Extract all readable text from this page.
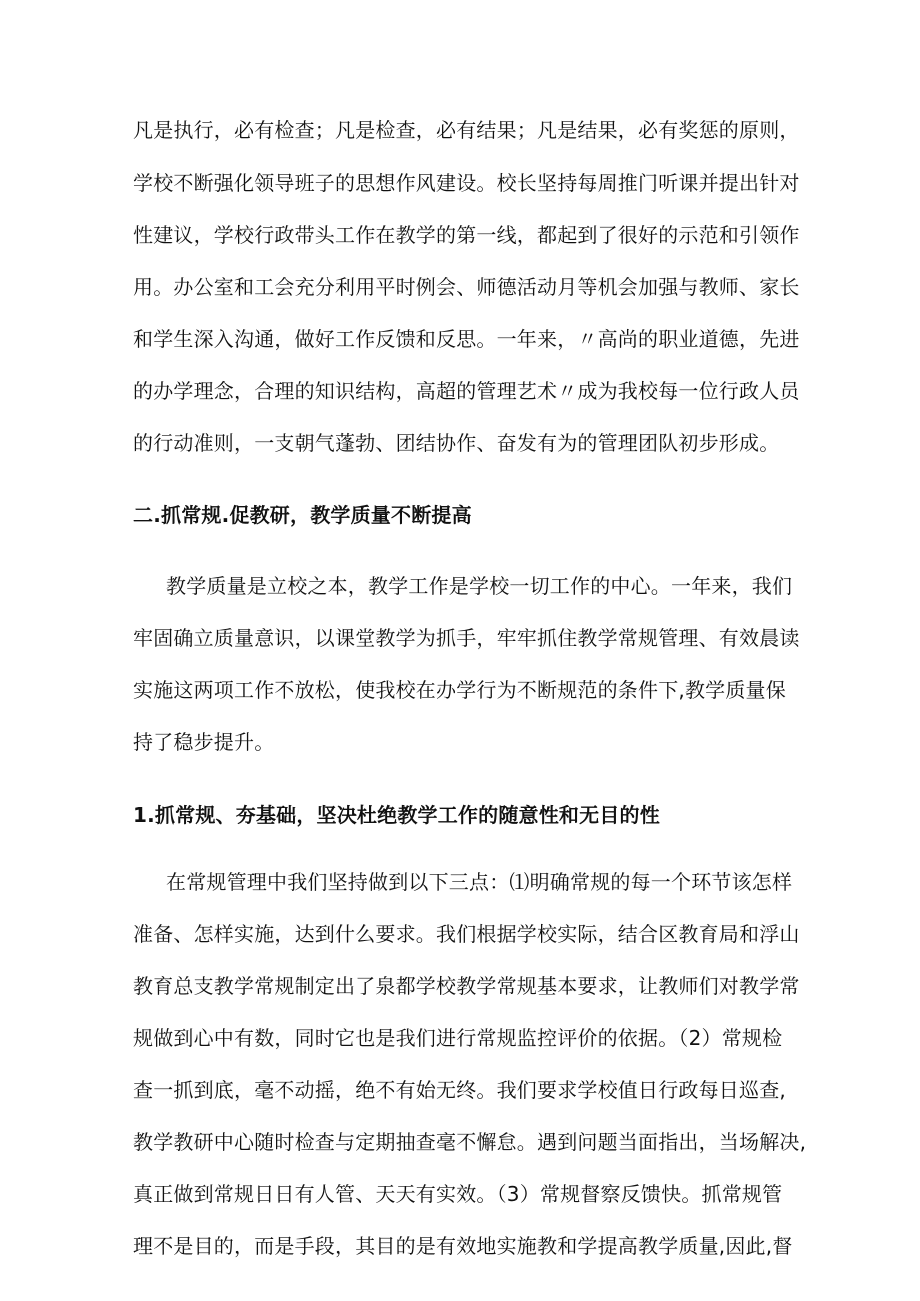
凡是执行，必有检查；凡是检查，必有结果；凡是结果，必有奖惩的原则，
学校不断强化领导班子的思想作风建设。校长坚持每周推门听课并提出针对
性建议，学校行政带头工作在教学的第一线，都起到了很好的示范和引领作
用。办公室和工会充分利用平时例会、师德活动月等机会加强与教师、家长
和学生深入沟通，做好工作反馈和反思。一年来，〃高尚的职业道德，先进
的办学理念，合理的知识结构，高超的管理艺术〃成为我校每一位行政人员
的行动准则，一支朝气蓬勃、团结协作、奋发有为的管理团队初步形成。
二.抓常规.促教研，教学质量不断提高
教学质量是立校之本，教学工作是学校一切工作的中心。一年来，我们
牢固确立质量意识，以课堂教学为抓手，牢牢抓住教学常规管理、有效晨读
实施这两项工作不放松，使我校在办学行为不断规范的条件下,教学质量保
持了稳步提升。
1.抓常规、夯基础，坚决杜绝教学工作的随意性和无目的性
在常规管理中我们坚持做到以下三点：⑴明确常规的每一个环节该怎样
准备、怎样实施，达到什么要求。我们根据学校实际，结合区教育局和浮山
教育总支教学常规制定出了泉都学校教学常规基本要求，让教师们对教学常
规做到心中有数，同时它也是我们进行常规监控评价的依据。（2）常规检
查一抓到底，毫不动摇，绝不有始无终。我们要求学校值日行政每日巡查,
教学教研中心随时检查与定期抽查毫不懈怠。遇到问题当面指出，当场解决,
真正做到常规日日有人管、天天有实效。（3）常规督察反馈快。抓常规管
理不是目的，而是手段，其目的是有效地实施教和学提高教学质量,因此,督
